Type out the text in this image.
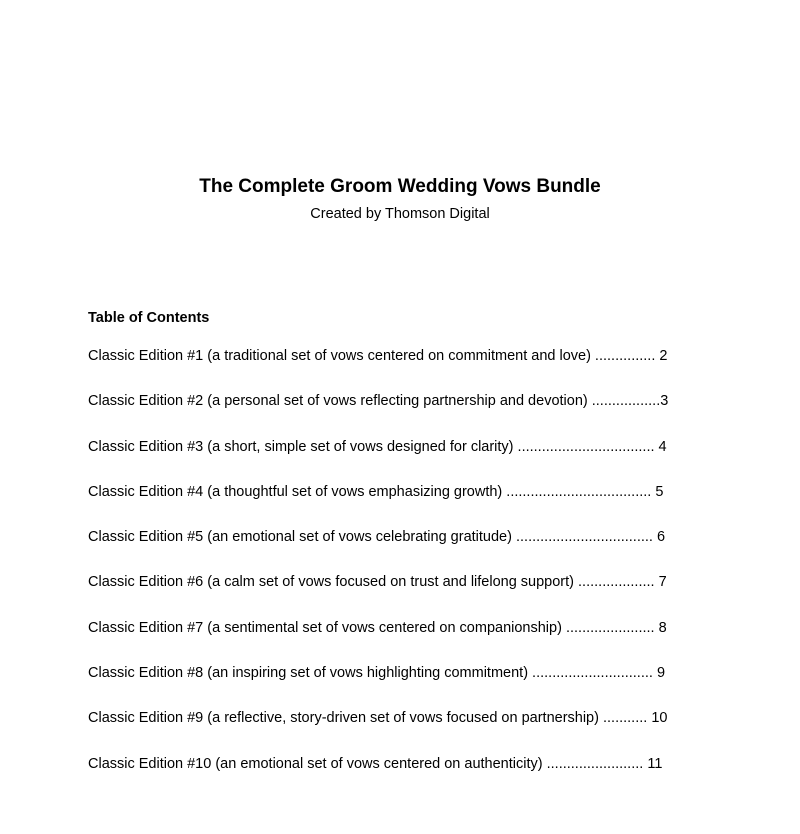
The Complete Groom Wedding Vows Bundle
Created by Thomson Digital
Table of Contents
Classic Edition #1 (a traditional set of vows centered on commitment and love) ............... 2
Classic Edition #2 (a personal set of vows reflecting partnership and devotion) .................3
Classic Edition #3 (a short, simple set of vows designed for clarity) .................................. 4
Classic Edition #4 (a thoughtful set of vows emphasizing growth) .................................... 5
Classic Edition #5 (an emotional set of vows celebrating gratitude) .................................. 6
Classic Edition #6 (a calm set of vows focused on trust and lifelong support) ................... 7
Classic Edition #7 (a sentimental set of vows centered on companionship) ...................... 8
Classic Edition #8 (an inspiring set of vows highlighting commitment) .............................. 9
Classic Edition #9 (a reflective, story-driven set of vows focused on partnership) ........... 10
Classic Edition #10 (an emotional set of vows centered on authenticity) ........................ 11
